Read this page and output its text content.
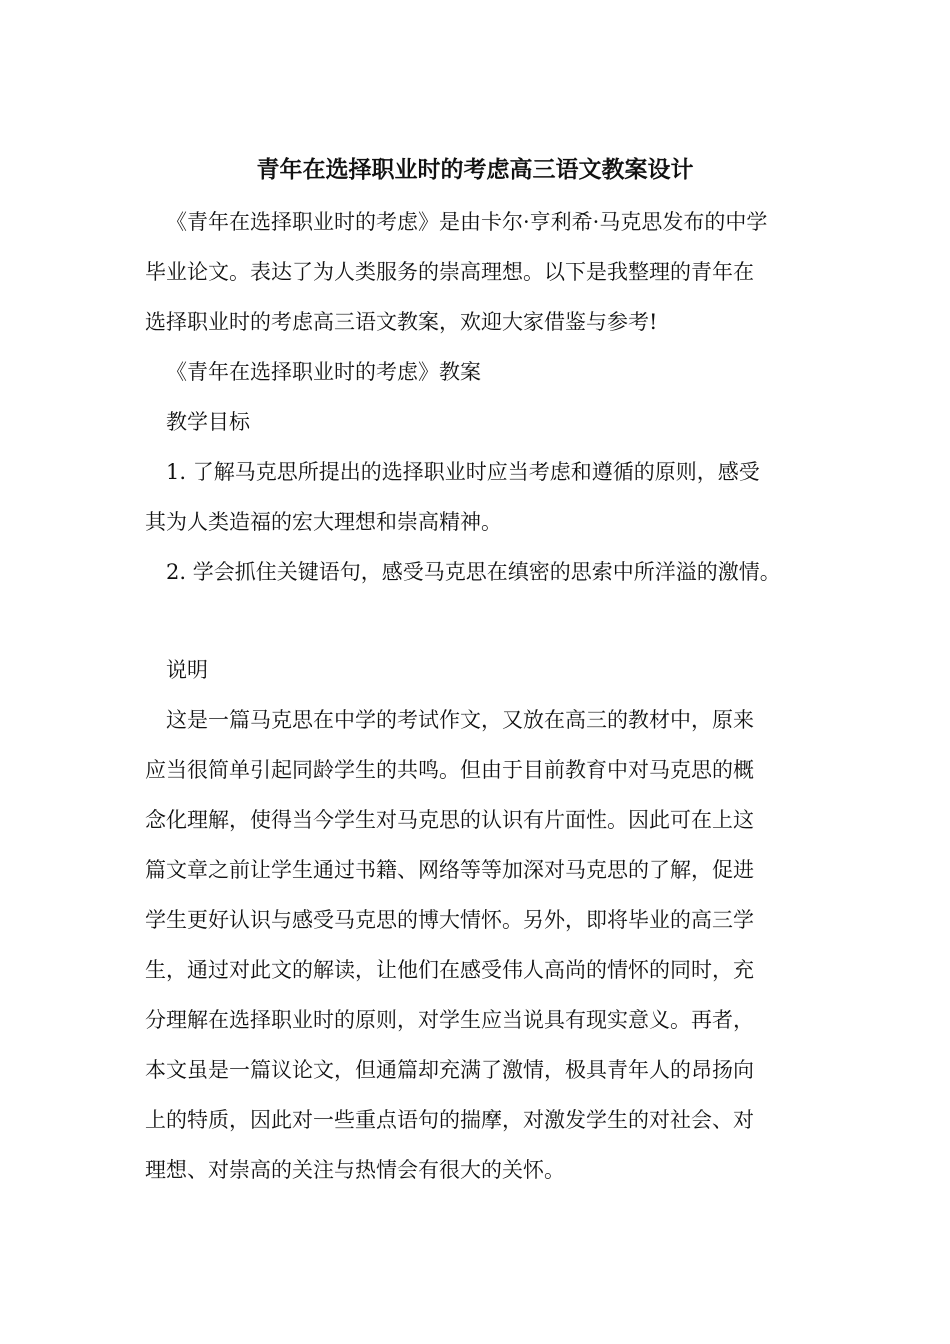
青年在选择职业时的考虑高三语文教案设计
《青年在选择职业时的考虑》是由卡尔·亨利希·马克思发布的中学
毕业论文。表达了为人类服务的崇高理想。以下是我整理的青年在
选择职业时的考虑高三语文教案，欢迎大家借鉴与参考!
《青年在选择职业时的考虑》教案
教学目标
1. 了解马克思所提出的选择职业时应当考虑和遵循的原则，感受
其为人类造福的宏大理想和崇高精神。
2. 学会抓住关键语句，感受马克思在缜密的思索中所洋溢的激情。
说明
这是一篇马克思在中学的考试作文，又放在高三的教材中，原来
应当很简单引起同龄学生的共鸣。但由于目前教育中对马克思的概
念化理解，使得当今学生对马克思的认识有片面性。因此可在上这
篇文章之前让学生通过书籍、网络等等加深对马克思的了解，促进
学生更好认识与感受马克思的博大情怀。另外，即将毕业的高三学
生，通过对此文的解读，让他们在感受伟人高尚的情怀的同时，充
分理解在选择职业时的原则，对学生应当说具有现实意义。再者，
本文虽是一篇议论文，但通篇却充满了激情，极具青年人的昂扬向
上的特质，因此对一些重点语句的揣摩，对激发学生的对社会、对
理想、对崇高的关注与热情会有很大的关怀。
